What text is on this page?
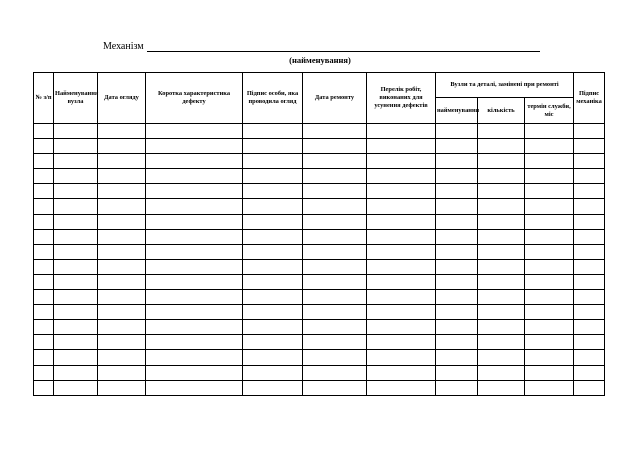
Механізм
(найменування)
№ з/п	Найменування вузла	Дата огляду	Коротка характеристика дефекту	Підпис особи, яка проводила огляд	Дата ремонту	Перелік робіт, виконаних для усунення дефектів	Вузли та деталі, замінені при ремонті			Підпис механіка
							найменування	кількість	термін служби, міс	
